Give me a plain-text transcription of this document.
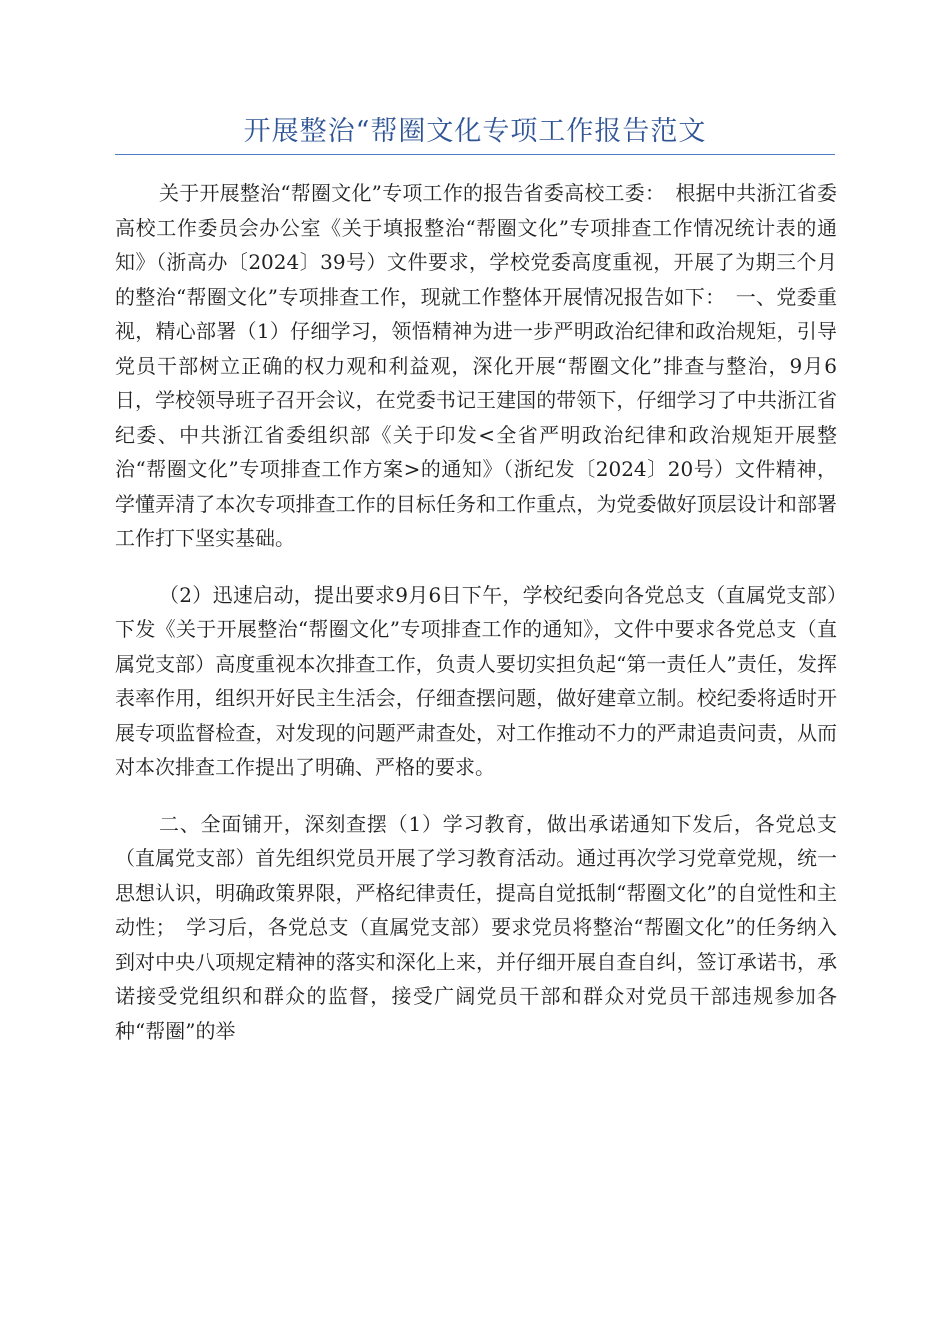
开展整治“帮圈文化专项工作报告范文

关于开展整治“帮圈文化”专项工作的报告省委高校工委：　根据中共浙江省委高校工作委员会办公室《关于填报整治“帮圈文化”专项排查工作情况统计表的通知》（浙高办〔2024〕39号）文件要求，学校党委高度重视，开展了为期三个月的整治“帮圈文化”专项排查工作，现就工作整体开展情况报告如下：　一、党委重视，精心部署（1）仔细学习，领悟精神为进一步严明政治纪律和政治规矩，引导党员干部树立正确的权力观和利益观，深化开展“帮圈文化”排查与整治，9月6日，学校领导班子召开会议，在党委书记王建国的带领下，仔细学习了中共浙江省纪委、中共浙江省委组织部《关于印发<全省严明政治纪律和政治规矩开展整治“帮圈文化”专项排查工作方案>的通知》（浙纪发〔2024〕20号）文件精神，学懂弄清了本次专项排查工作的目标任务和工作重点，为党委做好顶层设计和部署工作打下坚实基础。

（2）迅速启动，提出要求9月6日下午，学校纪委向各党总支（直属党支部）下发《关于开展整治“帮圈文化”专项排查工作的通知》，文件中要求各党总支（直属党支部）高度重视本次排查工作，负责人要切实担负起“第一责任人”责任，发挥表率作用，组织开好民主生活会，仔细查摆问题，做好建章立制。校纪委将适时开展专项监督检查，对发现的问题严肃查处，对工作推动不力的严肃追责问责，从而对本次排查工作提出了明确、严格的要求。

二、全面铺开，深刻查摆（1）学习教育，做出承诺通知下发后，各党总支（直属党支部）首先组织党员开展了学习教育活动。通过再次学习党章党规，统一思想认识，明确政策界限，严格纪律责任，提高自觉抵制“帮圈文化”的自觉性和主动性；　学习后，各党总支（直属党支部）要求党员将整治“帮圈文化”的任务纳入到对中央八项规定精神的落实和深化上来，并仔细开展自查自纠，签订承诺书，承诺接受党组织和群众的监督，接受广阔党员干部和群众对党员干部违规参加各种“帮圈”的举
